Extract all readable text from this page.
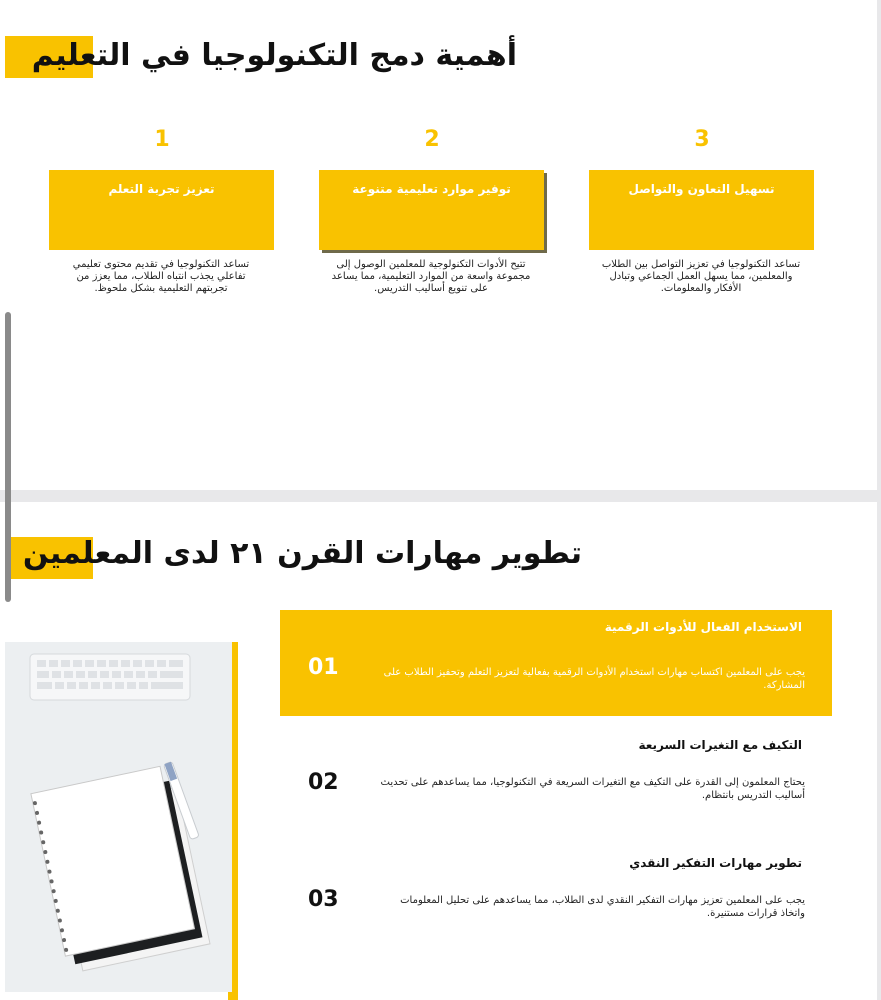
أهمية دمج التكنولوجيا في التعليم
1	2	3
تعزيز تجربة التعلم	توفير موارد تعليمية متنوعة	تسهيل التعاون والتواصل
تساعد التكنولوجيا في تقديم محتوى تعليمي تفاعلي يجذب انتباه الطلاب، مما يعزز من تجربتهم التعليمية بشكل ملحوظ.
تتيح الأدوات التكنولوجية للمعلمين الوصول إلى مجموعة واسعة من الموارد التعليمية، مما يساعد على تنويع أساليب التدريس.
تساعد التكنولوجيا في تعزيز التواصل بين الطلاب والمعلمين، مما يسهل العمل الجماعي وتبادل الأفكار والمعلومات.
تطوير مهارات القرن ٢١ لدى المعلمين
الاستخدام الفعال للأدوات الرقمية
01	يجب على المعلمين اكتساب مهارات استخدام الأدوات الرقمية بفعالية لتعزيز التعلم وتحفيز الطلاب على المشاركة.
التكيف مع التغيرات السريعة
02	يحتاج المعلمون إلى القدرة على التكيف مع التغيرات السريعة في التكنولوجيا، مما يساعدهم على تحديث أساليب التدريس بانتظام.
تطوير مهارات التفكير النقدي
03	يجب على المعلمين تعزيز مهارات التفكير النقدي لدى الطلاب، مما يساعدهم على تحليل المعلومات واتخاذ قرارات مستنيرة.
